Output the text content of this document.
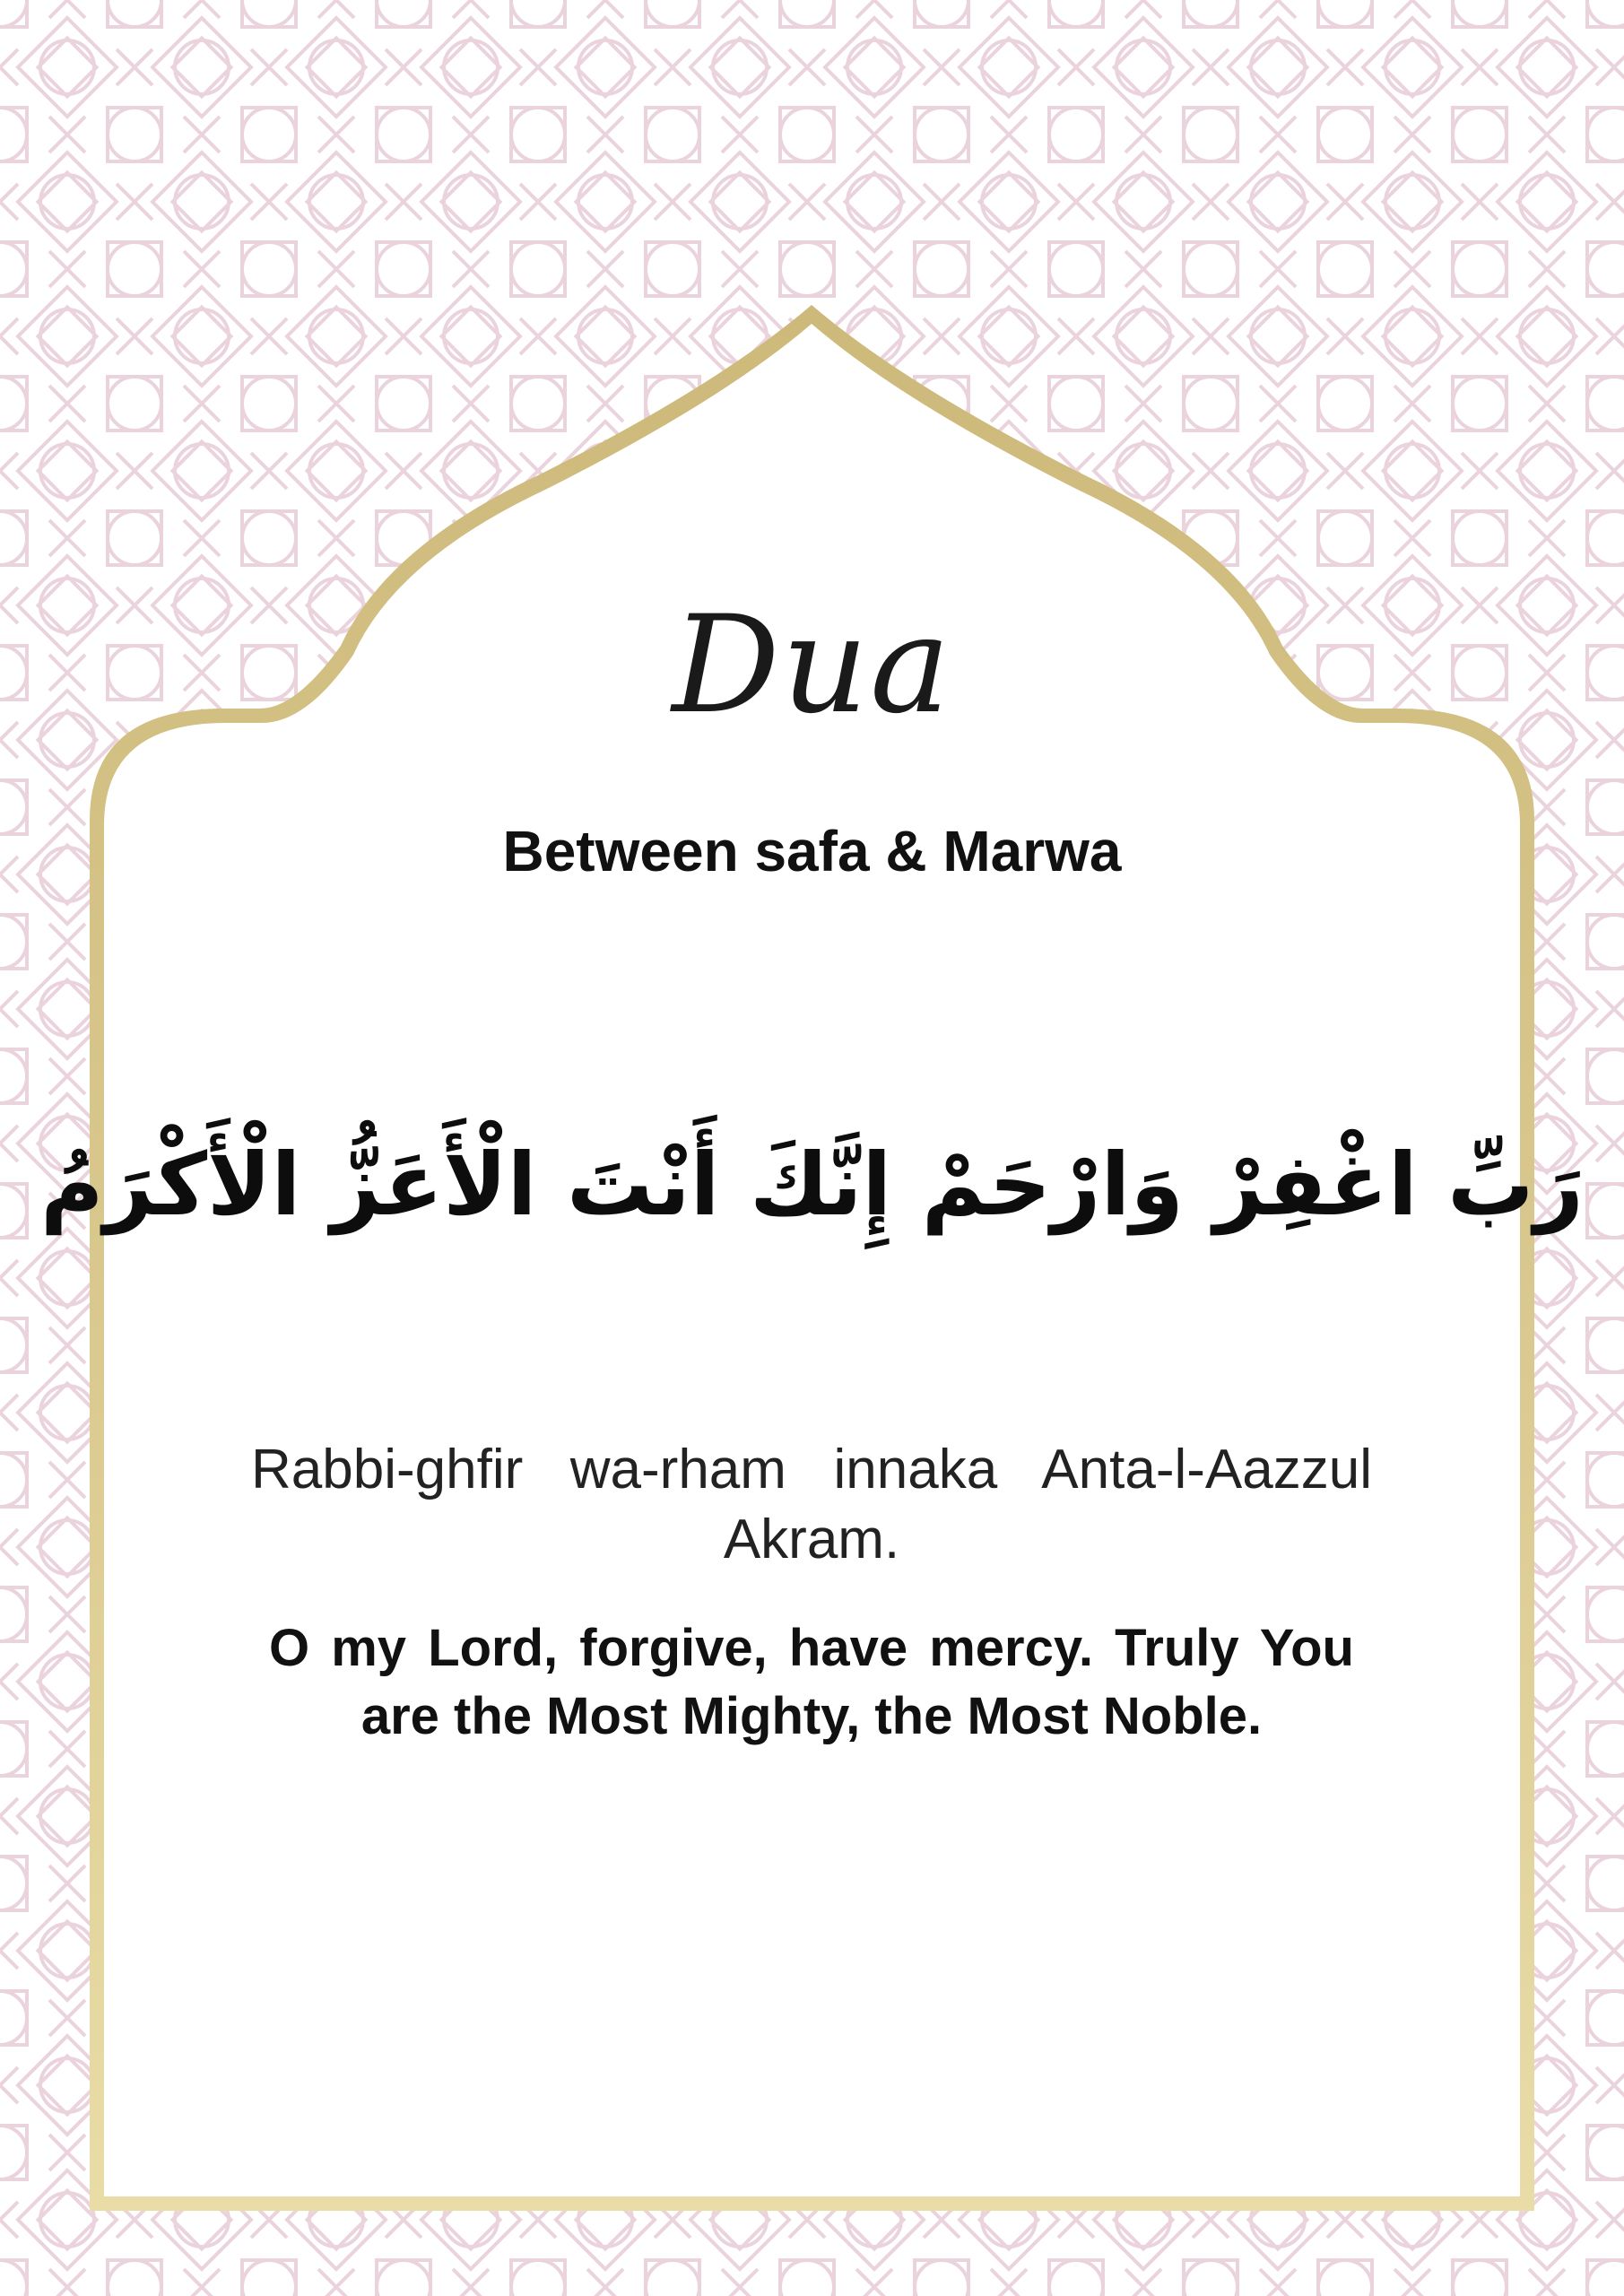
Dua
Between safa & Marwa
رَبِّ اغْفِرْ وَارْحَمْ إِنَّكَ أَنْتَ الْأَعَزُّ الْأَكْرَمُ
Rabbi-ghfir wa-rham innaka Anta-l-Aazzul
Akram.
O my Lord, forgive, have mercy. Truly You
are the Most Mighty, the Most Noble.
